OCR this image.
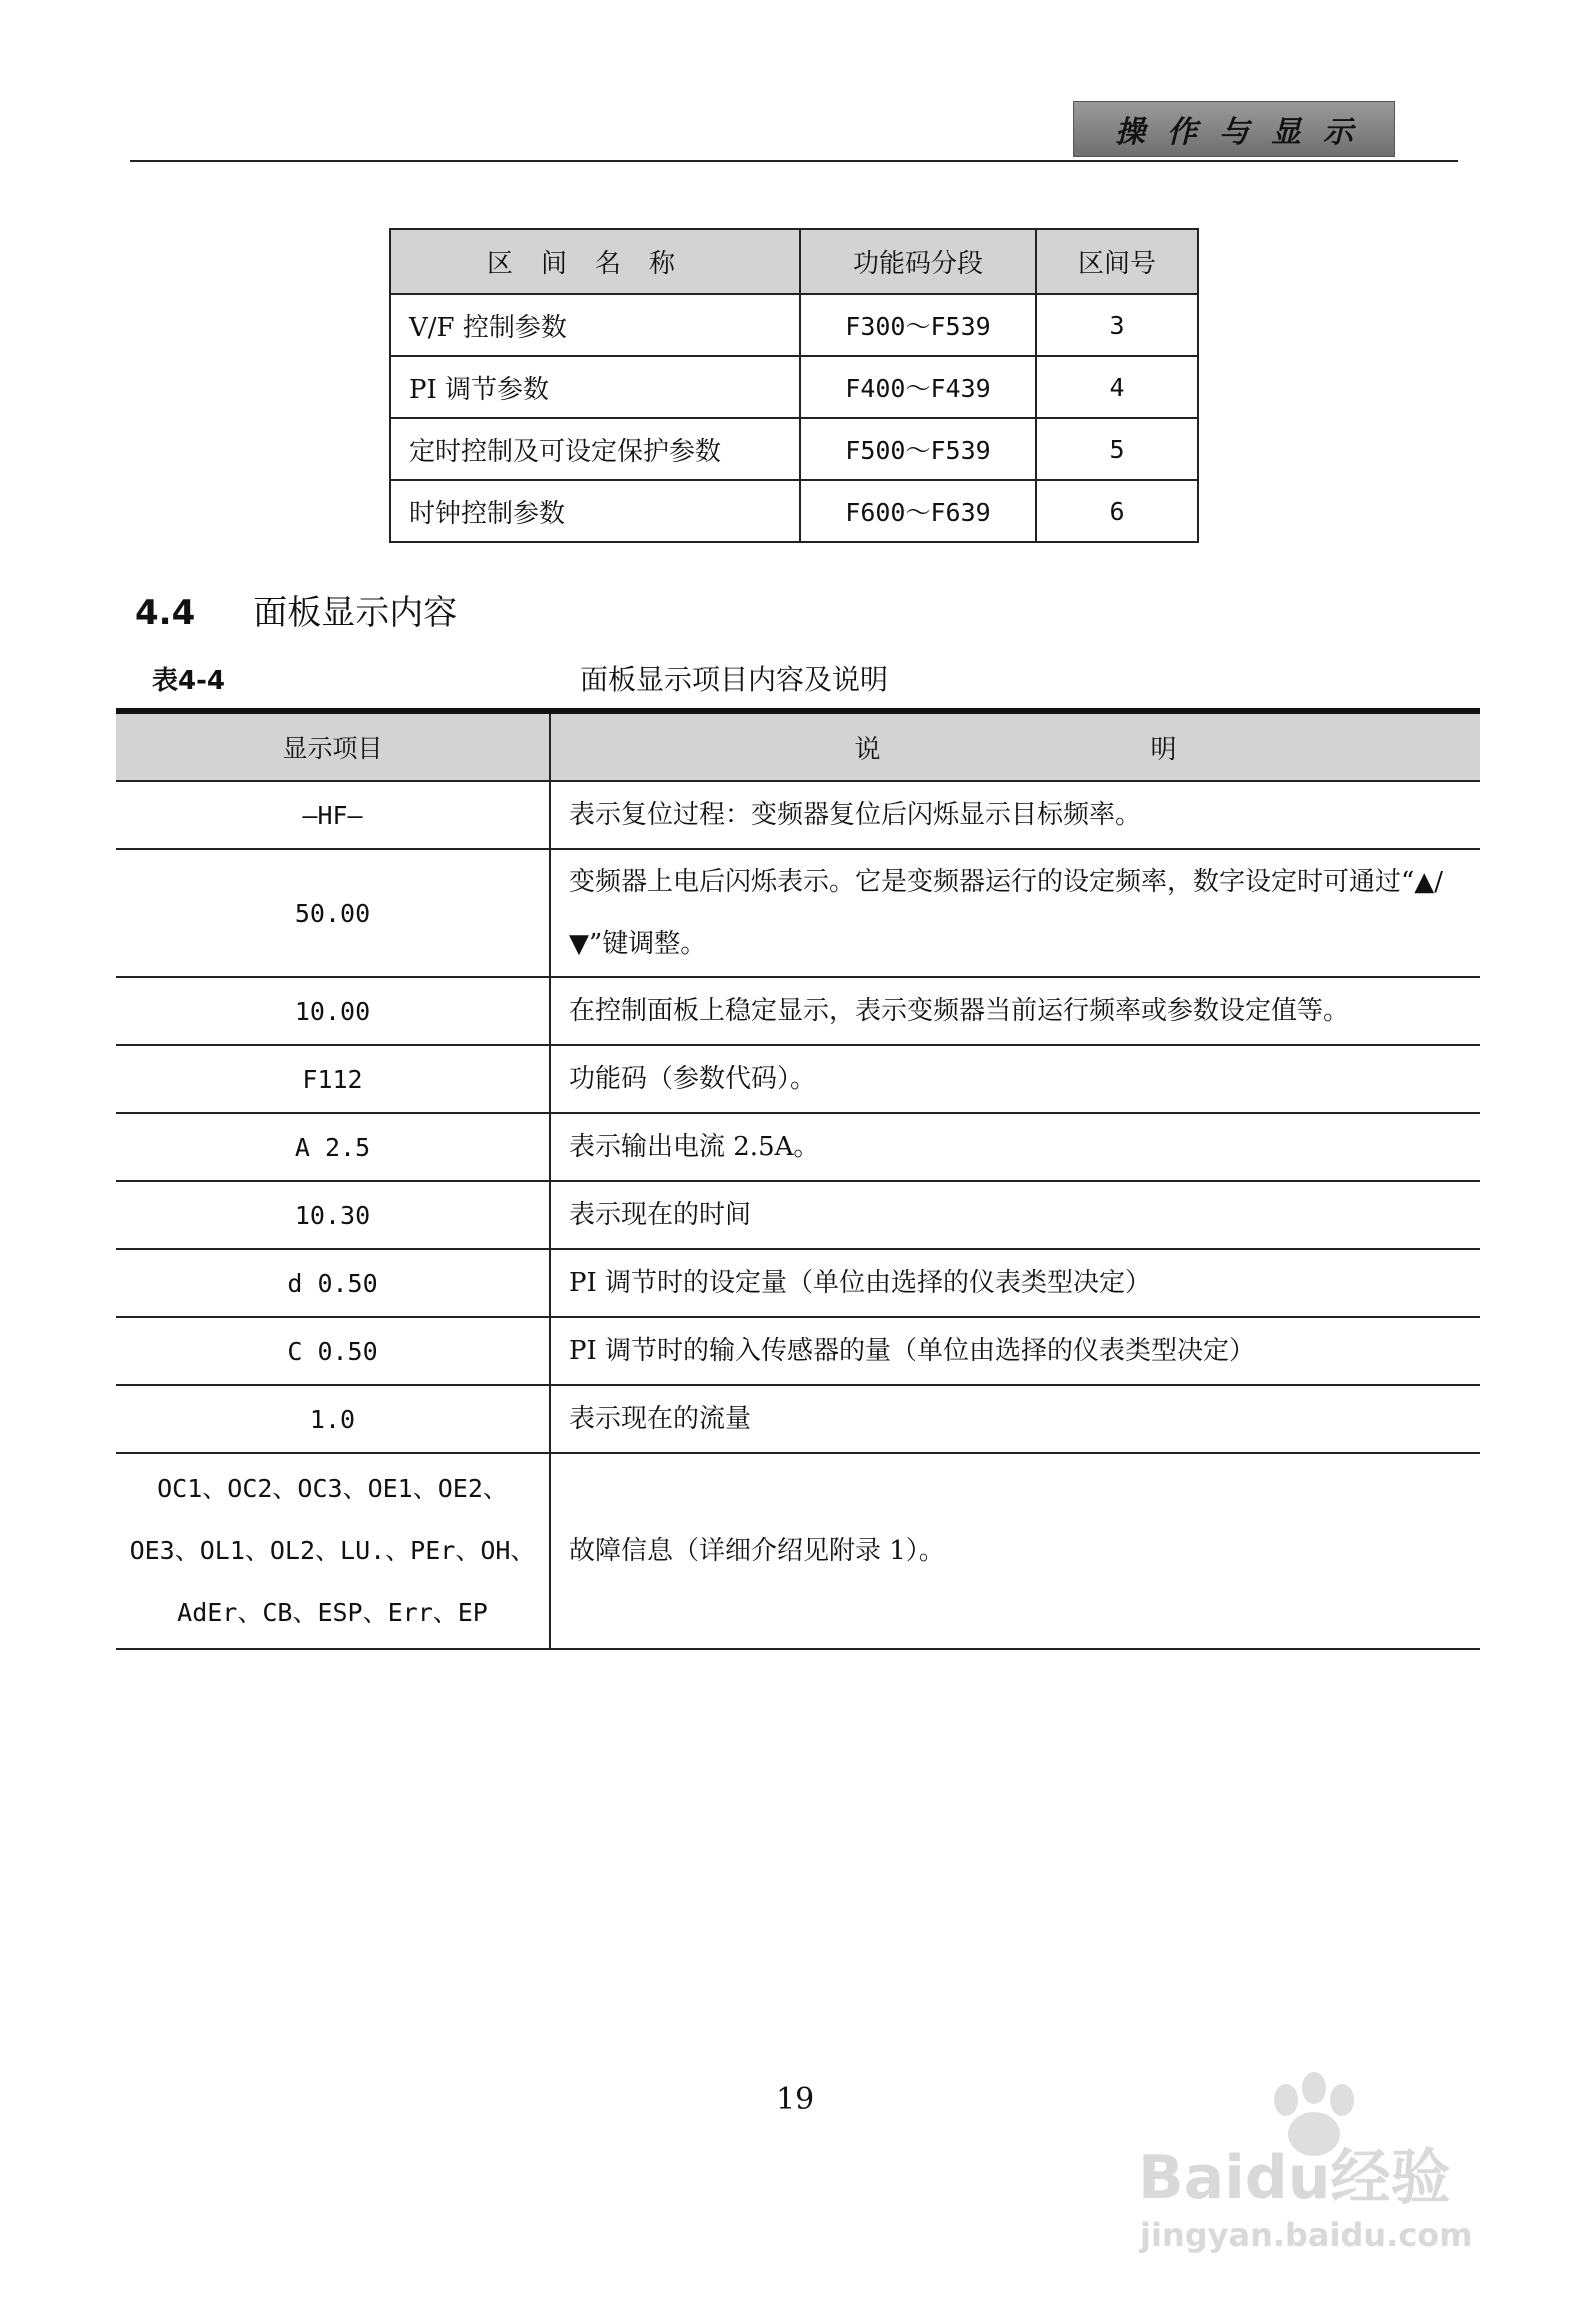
操作与显示
区间名称	功能码分段	区间号
V/F 控制参数	F300～F539	3
PI 调节参数	F400～F439	4
定时控制及可设定保护参数	F500～F539	5
时钟控制参数	F600～F639	6
4.4 面板显示内容
表4-4	面板显示项目内容及说明
显示项目	说 明
—HF—	表示复位过程：变频器复位后闪烁显示目标频率。
50.00	变频器上电后闪烁表示。它是变频器运行的设定频率，数字设定时可通过“▲/▼”键调整。
10.00	在控制面板上稳定显示，表示变频器当前运行频率或参数设定值等。
F112	功能码（参数代码）。
A 2.5	表示输出电流 2.5A。
10.30	表示现在的时间
d 0.50	PI 调节时的设定量（单位由选择的仪表类型决定）
C 0.50	PI 调节时的输入传感器的量（单位由选择的仪表类型决定）
1.0	表示现在的流量
OC1、OC2、OC3、OE1、OE2、OE3、OL1、OL2、LU.、PEr、OH、AdEr、CB、ESP、Err、EP	故障信息（详细介绍见附录 1）。
19
Baidu经验
jingyan.baidu.com
